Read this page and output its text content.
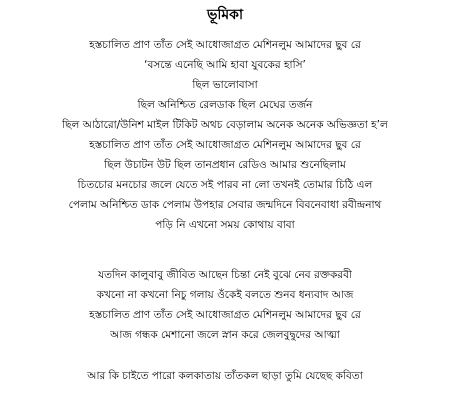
ভূমিকা
হস্তচালিত প্রাণ তাঁত সেই আধোজাগ্রত মেশিনলুম আমাদের ছুব রে
‘বসন্তে এনেছি আমি হাবা যুবকের হাসি’
ছিল ভালোবাসা
ছিল অনিশ্চিত রেলডাক ছিল মেঘের তর্জন
ছিল আঠারো/উনিশ মাইল টিকিট অথচ বেড়ালাম অনেক অনেক অভিজ্ঞতা হ’ল
হস্তচালিত প্রাণ তাঁত সেই আধোজাগ্রত মেশিনলুম আমাদের ছুব রে
ছিল উচাটন উট ছিল তানপ্রধান রেডিও আমার শুনেছিলাম
চিতচোর মনচোর জলে যেতে সই পারব না লো তখনই তোমার চিঠি এল
পেলাম অনিশ্চিত ডাক পেলাম উপহার সেবার জন্মদিনে বিবনেবাধা রবীন্দ্রনাথ
পড়ি নি এখনো সময় কোথায় বাবা
যতদিন কালুবাবু জীবিত আছেন চিন্তা নেই বুঝে নেব রক্তকরবী
কখনো না কখনো নিচু গলায় ওঁকেই বলতে শুনব ধন্যবাদ আজ
হস্তচালিত প্রাণ তাঁত সেই আধোজাগ্রত মেশিনলুম আমাদের ছুব রে
আজ গন্ধক মেশানো জলে স্নান করে জেলবুদ্বুদের আত্মা
আর কি চাইতে পারো কলকাতায় তাঁতকল ছাড়া তুমি যেছেছ কবিতা
